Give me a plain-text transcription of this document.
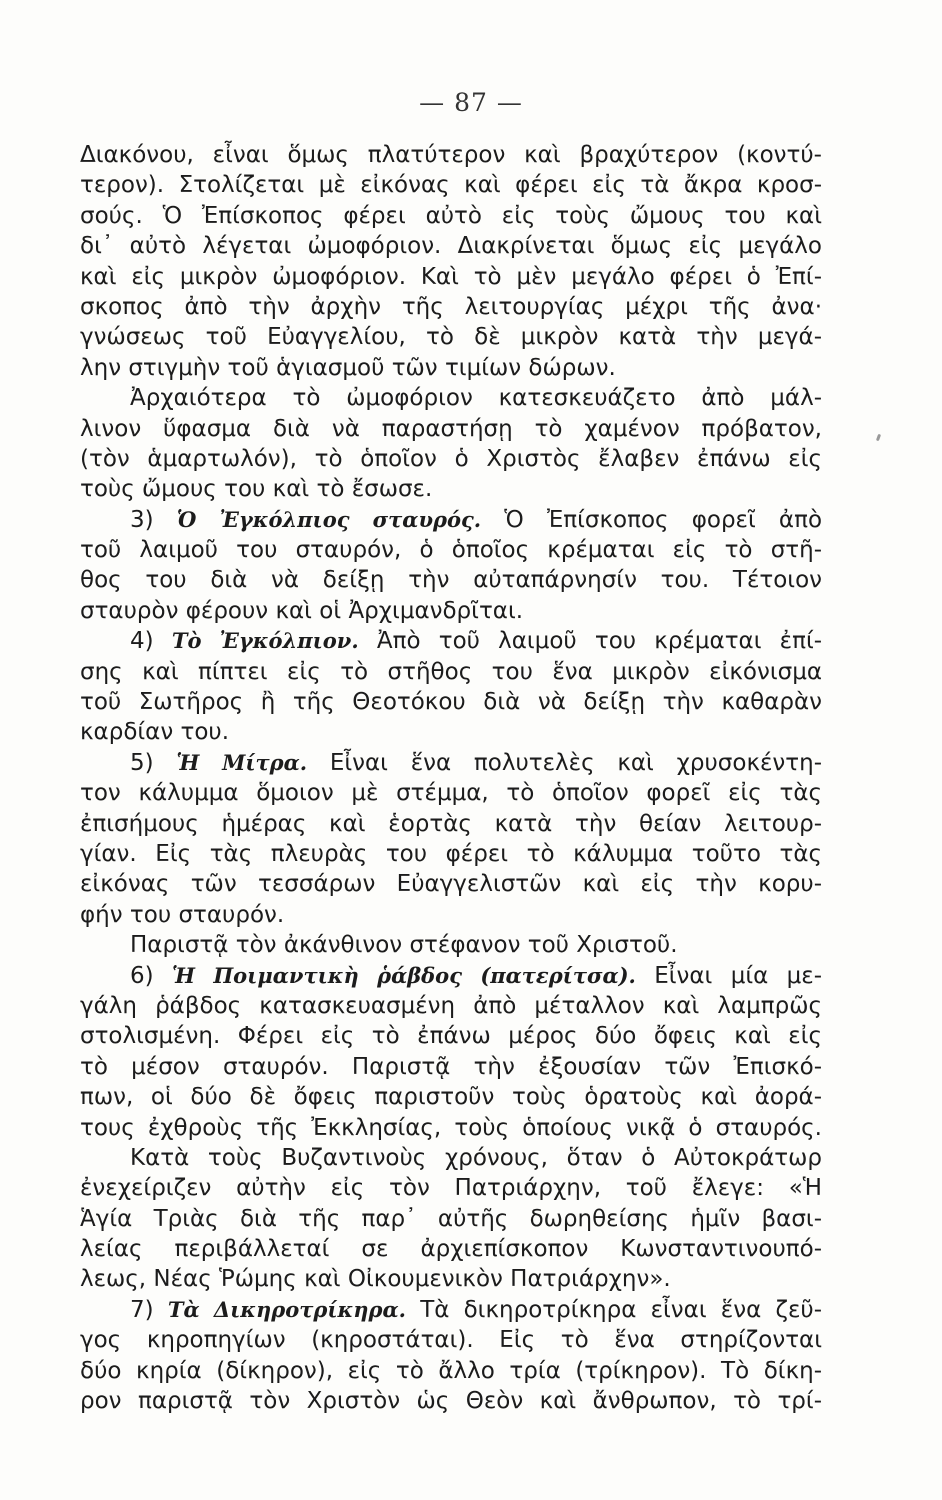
— 87 —
Διακόνου, εἶναι ὅμως πλατύτερον καὶ βραχύτερον (κοντύ-
τερον). Στολίζεται μὲ εἰκόνας καὶ φέρει εἰς τὰ ἄκρα κροσ-
σούς. Ὁ Ἐπίσκοπος φέρει αὐτὸ εἰς τοὺς ὤμους του καὶ
δι᾽ αὐτὸ λέγεται ὠμοφόριον. Διακρίνεται ὅμως εἰς μεγάλο
καὶ εἰς μικρὸν ὠμοφόριον. Καὶ τὸ μὲν μεγάλο φέρει ὁ Ἐπί-
σκοπος ἀπὸ τὴν ἀρχὴν τῆς λειτουργίας μέχρι τῆς ἀνα·
γνώσεως τοῦ Εὐαγγελίου, τὸ δὲ μικρὸν κατὰ τὴν μεγά-
λην στιγμὴν τοῦ ἁγιασμοῦ τῶν τιμίων δώρων.
Ἀρχαιότερα τὸ ὠμοφόριον κατεσκευάζετο ἀπὸ μάλ-
λινον ὕφασμα διὰ νὰ παραστήσῃ τὸ χαμένον πρόβατον,
(τὸν ἁμαρτωλόν), τὸ ὁποῖον ὁ Χριστὸς ἔλαβεν ἐπάνω εἰς
τοὺς ὤμους του καὶ τὸ ἔσωσε.
3) Ὁ Ἐγκόλπιος σταυρός. Ὁ Ἐπίσκοπος φορεῖ ἀπὸ
τοῦ λαιμοῦ του σταυρόν, ὁ ὁποῖος κρέμαται εἰς τὸ στῆ-
θος του διὰ νὰ δείξῃ τὴν αὐταπάρνησίν του. Τέτοιον
σταυρὸν φέρουν καὶ οἱ Ἀρχιμανδρῖται.
4) Τὸ Ἐγκόλπιον. Ἀπὸ τοῦ λαιμοῦ του κρέμαται ἐπί-
σης καὶ πίπτει εἰς τὸ στῆθος του ἕνα μικρὸν εἰκόνισμα
τοῦ Σωτῆρος ἢ τῆς Θεοτόκου διὰ νὰ δείξῃ τὴν καθαρὰν
καρδίαν του.
5) Ἡ Μίτρα. Εἶναι ἕνα πολυτελὲς καὶ χρυσοκέντη-
τον κάλυμμα ὅμοιον μὲ στέμμα, τὸ ὁποῖον φορεῖ εἰς τὰς
ἐπισήμους ἡμέρας καὶ ἑορτὰς κατὰ τὴν θείαν λειτουρ-
γίαν. Εἰς τὰς πλευρὰς του φέρει τὸ κάλυμμα τοῦτο τὰς
εἰκόνας τῶν τεσσάρων Εὐαγγελιστῶν καὶ εἰς τὴν κορυ-
φήν του σταυρόν.
Παριστᾷ τὸν ἀκάνθινον στέφανον τοῦ Χριστοῦ.
6) Ἡ Ποιμαντικὴ ῥάβδος (πατερίτσα). Εἶναι μία με-
γάλη ῥάβδος κατασκευασμένη ἀπὸ μέταλλον καὶ λαμπρῶς
στολισμένη. Φέρει εἰς τὸ ἐπάνω μέρος δύο ὄφεις καὶ εἰς
τὸ μέσον σταυρόν. Παριστᾷ τὴν ἐξουσίαν τῶν Ἐπισκό-
πων, οἱ δύο δὲ ὄφεις παριστοῦν τοὺς ὁρατοὺς καὶ ἀορά-
τους ἐχθροὺς τῆς Ἐκκλησίας, τοὺς ὁποίους νικᾷ ὁ σταυρός.
Κατὰ τοὺς Βυζαντινοὺς χρόνους, ὅταν ὁ Αὐτοκράτωρ
ἐνεχείριζεν αὐτὴν εἰς τὸν Πατριάρχην, τοῦ ἔλεγε: «Ἡ
Ἁγία Τριὰς διὰ τῆς παρ᾽ αὐτῆς δωρηθείσης ἡμῖν βασι-
λείας περιβάλλεταί σε ἀρχιεπίσκοπον Κωνσταντινουπό-
λεως, Νέας Ῥώμης καὶ Οἰκουμενικὸν Πατριάρχην».
7) Τὰ Δικηροτρίκηρα. Τὰ δικηροτρίκηρα εἶναι ἕνα ζεῦ-
γος κηροπηγίων (κηροστάται). Εἰς τὸ ἕνα στηρίζονται
δύο κηρία (δίκηρον), εἰς τὸ ἄλλο τρία (τρίκηρον). Τὸ δίκη-
ρον παριστᾷ τὸν Χριστὸν ὡς Θεὸν καὶ ἄνθρωπον, τὸ τρί-
